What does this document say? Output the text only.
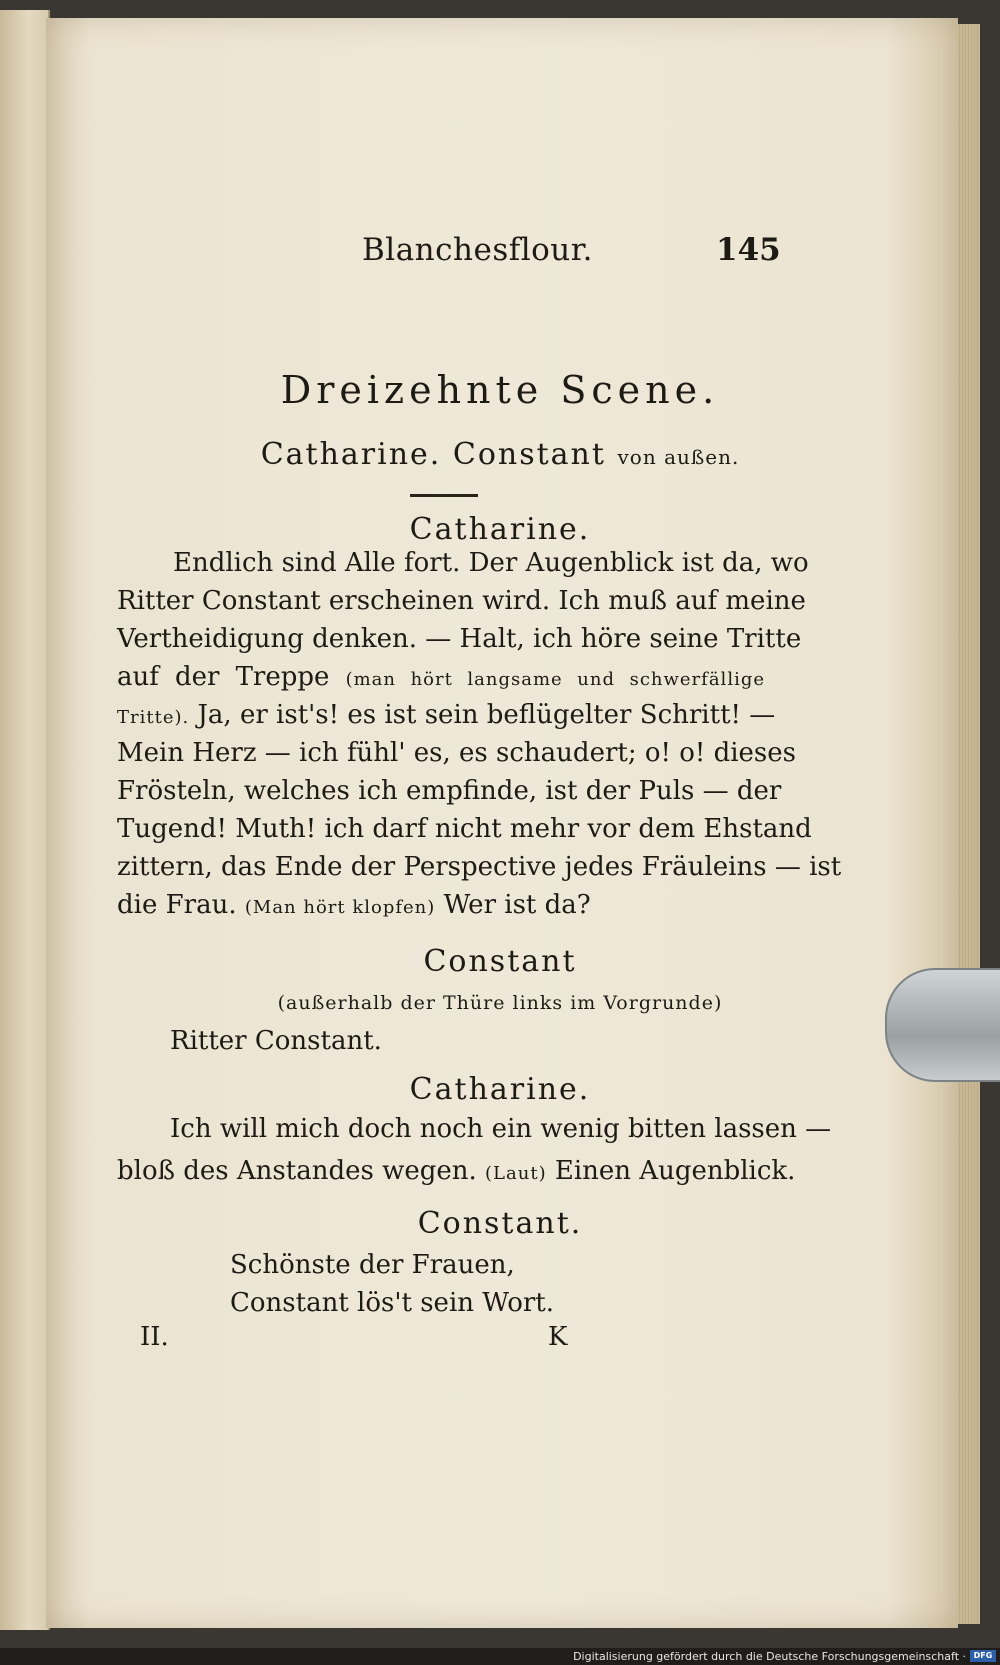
Blanchesflour.	145
Dreizehnte Scene.
Catharine. Constant von außen.
Catharine.
Endlich sind Alle fort. Der Augenblick ist da, wo
Ritter Constant erscheinen wird. Ich muß auf meine
Vertheidigung denken. — Halt, ich höre seine Tritte
auf der Treppe (man hört langsame und schwerfällige
Tritte). Ja, er ist's! es ist sein beflügelter Schritt! —
Mein Herz — ich fühl' es, es schaudert; o! o! dieses
Frösteln, welches ich empfinde, ist der Puls — der
Tugend! Muth! ich darf nicht mehr vor dem Ehstand
zittern, das Ende der Perspective jedes Fräuleins — ist
die Frau. (Man hört klopfen) Wer ist da?
Constant
(außerhalb der Thüre links im Vorgrunde)
Ritter Constant.
Catharine.
Ich will mich doch noch ein wenig bitten lassen —
bloß des Anstandes wegen. (Laut) Einen Augenblick.
Constant.
Schönste der Frauen,
Constant lös't sein Wort.
II.	K
Digitalisierung gefördert durch die Deutsche Forschungsgemeinschaft · DFG
